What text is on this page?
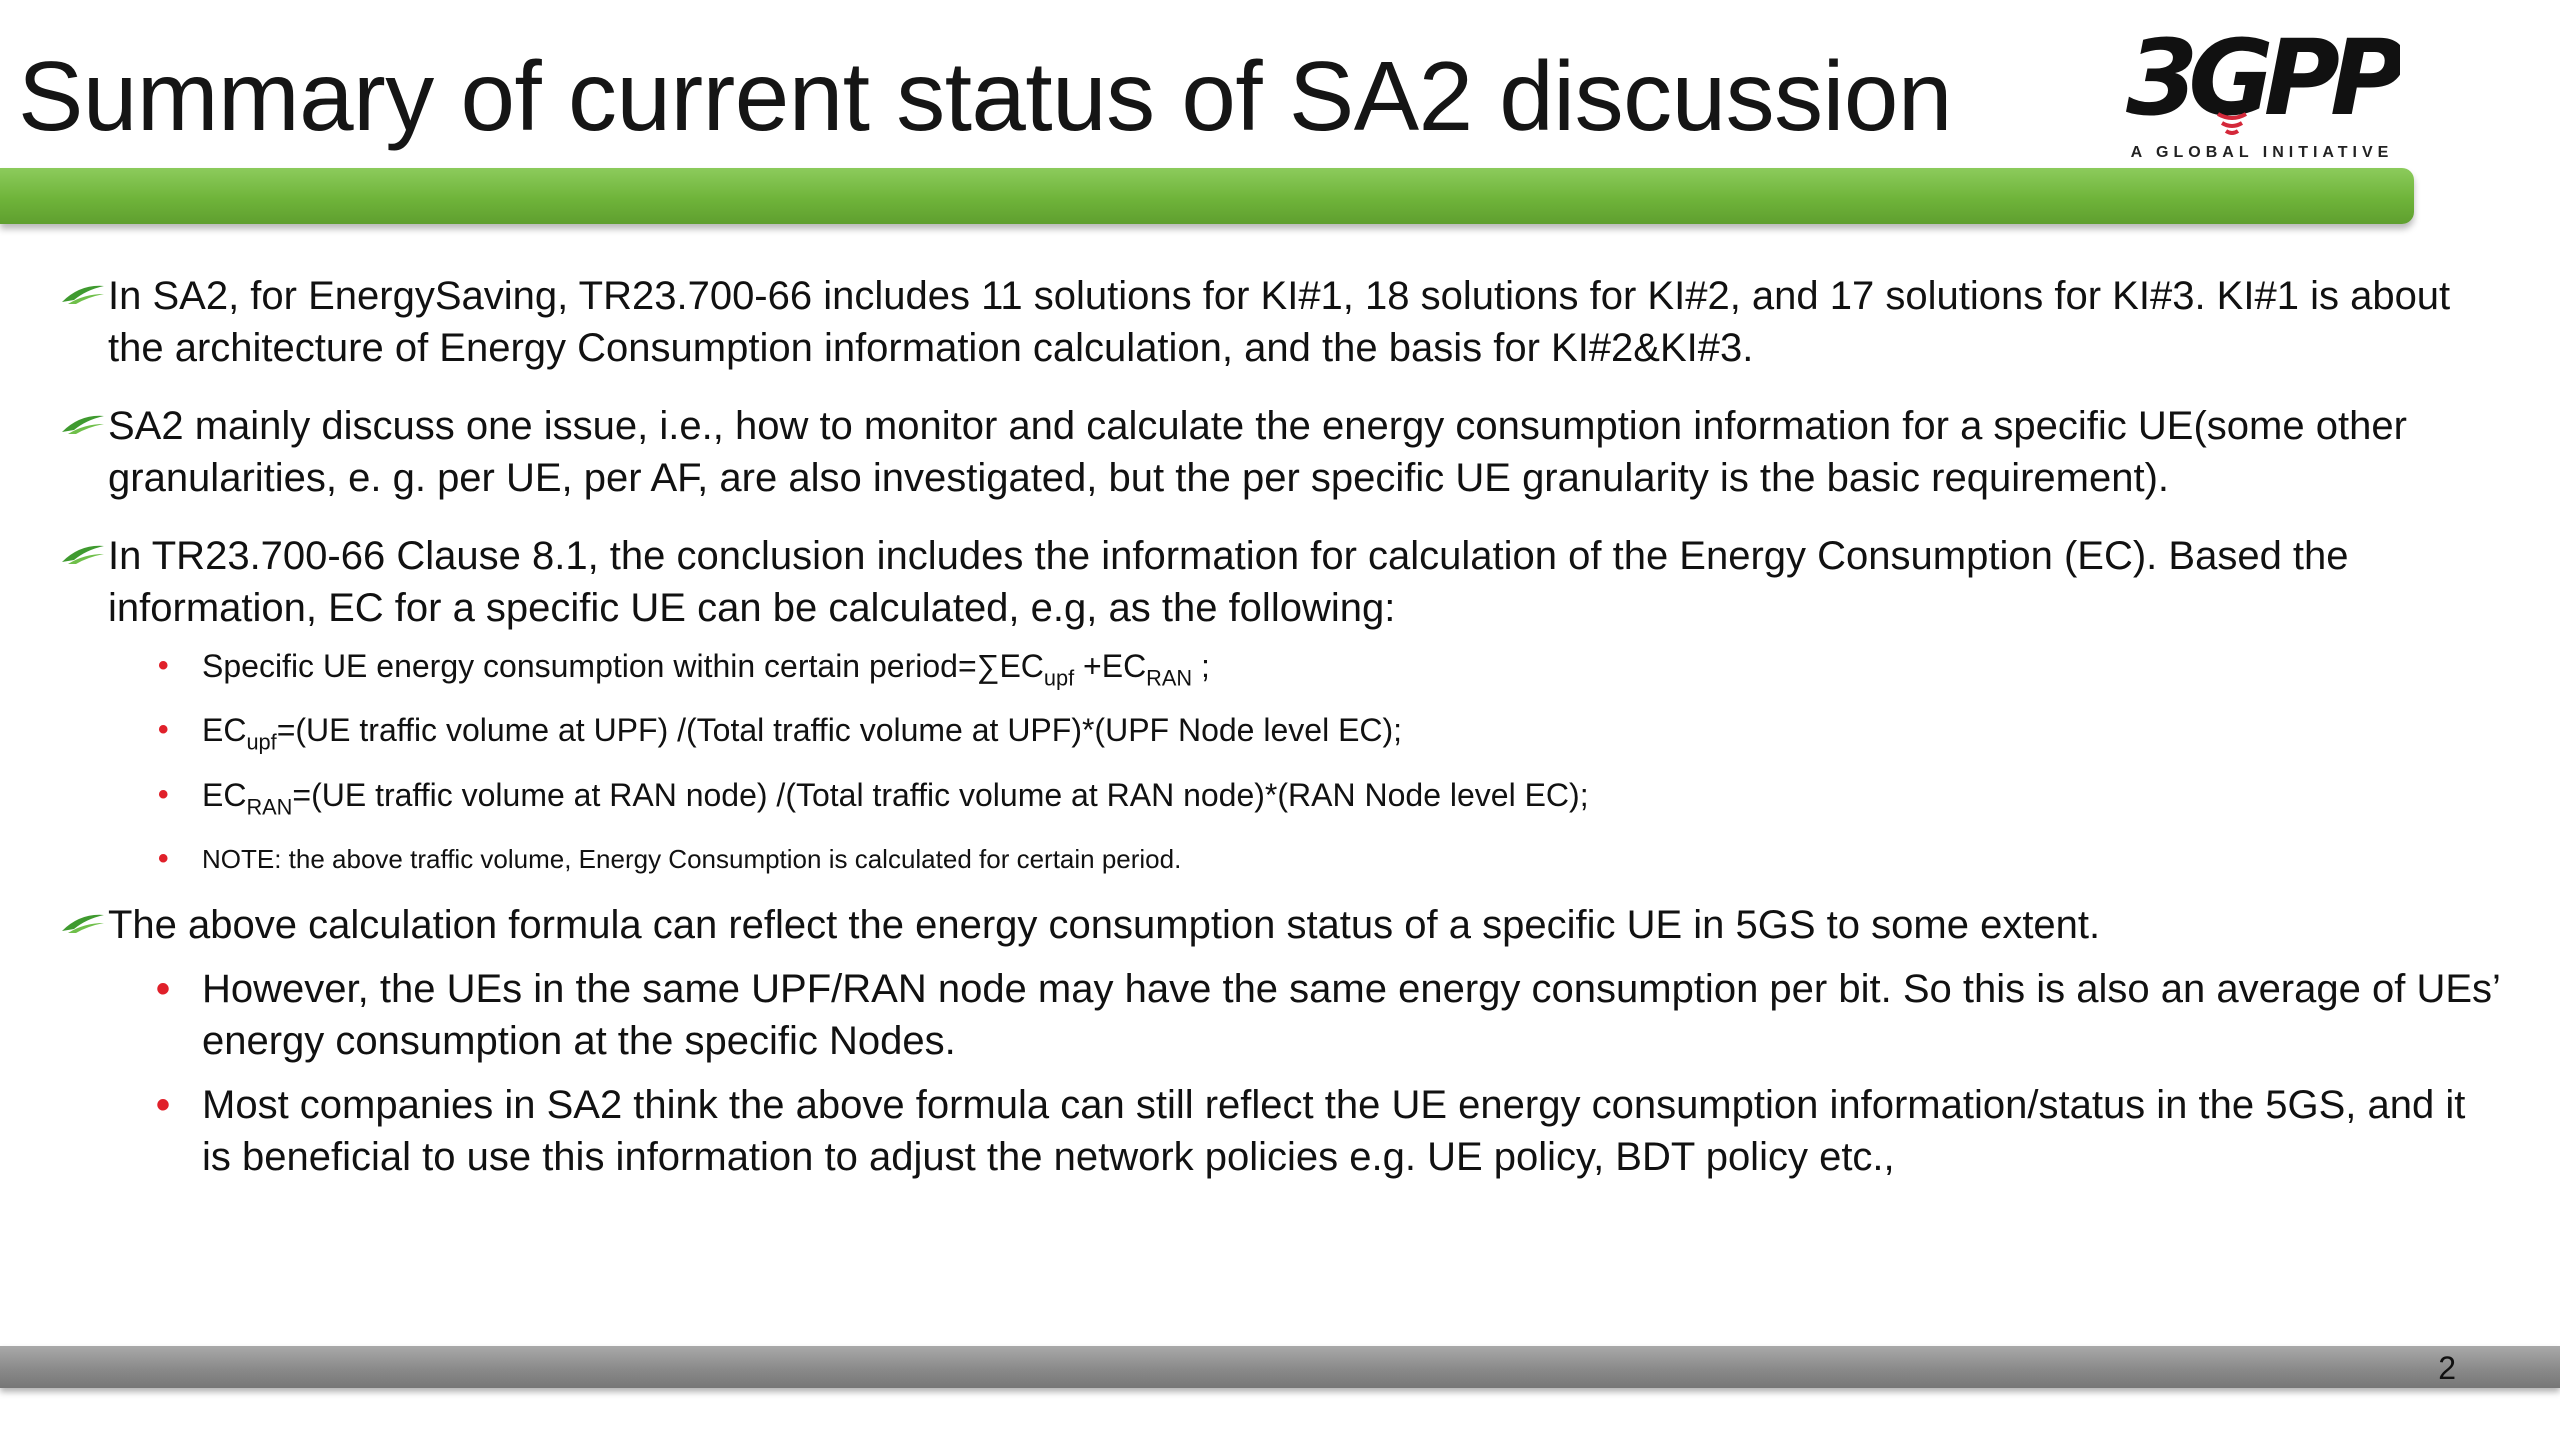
Summary of current status of SA2 discussion 3GPP
A GLOBAL INITIATIVE
In SA2, for EnergySaving, TR23.700-66 includes 11 solutions for KI#1, 18 solutions for KI#2, and 17 solutions for KI#3. KI#1 is about the architecture of Energy Consumption information calculation, and the basis for KI#2&KI#3.
SA2 mainly discuss one issue, i.e., how to monitor and calculate the energy consumption information for a specific UE(some other granularities, e. g. per UE, per AF, are also investigated, but the per specific UE granularity is the basic requirement).
In TR23.700-66 Clause 8.1, the conclusion includes the information for calculation of the Energy Consumption (EC). Based the information, EC for a specific UE can be calculated, e.g, as the following:
• Specific UE energy consumption within certain $period=\sum EC_{upf} +EC_{RAN}$ ;
• $EC_{upf}=(UE$ traffic volume at UPF) /(Total traffic volume at UPF)*(UPF Node level EC);
• $EC_{RAN}=(UE$ traffic volume at RAN node) /(Total traffic volume at RAN node)*(RAN Node level EC);
• NOTE: the above traffic volume, Energy Consumption is calculated for certain period.
The above calculation formula can reflect the energy consumption status of a specific UE in 5GS to some extent.
• However, the UEs in the same UPF/RAN node may have the same energy consumption per bit. So this is also an average of UEs’ energy consumption at the specific Nodes.
• Most companies in SA2 think the above formula can still reflect the UE energy consumption information/status in the 5GS, and it is beneficial to use this information to adjust the network policies e.g. UE policy, BDT policy etc.,
2
